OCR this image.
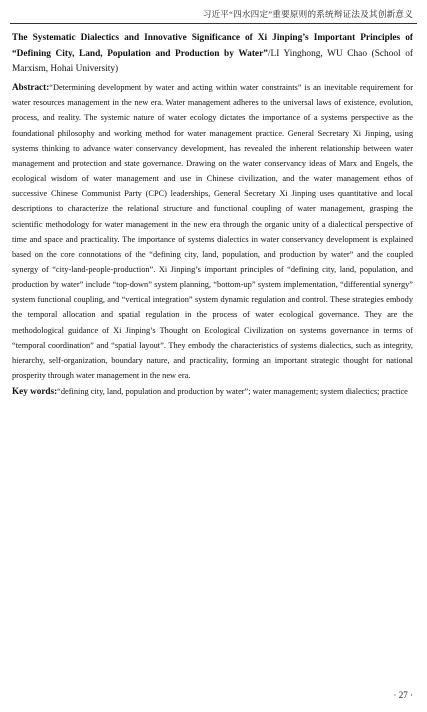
习近平“四水四定”重要原则的系统辩证法及其创新意义

The Systematic Dialectics and Innovative Significance of Xi Jinping’s Important Principles of “Defining City, Land, Population and Production by Water”/LI Yinghong, WU Chao (School of Marxism, Hohai University)

Abstract:“Determining development by water and acting within water constraints” is an inevitable requirement for water resources management in the new era. Water management adheres to the universal laws of existence, evolution, process, and reality. The systemic nature of water ecology dictates the importance of a systems perspective as the foundational philosophy and working method for water management practice. General Secretary Xi Jinping, using systems thinking to advance water conservancy development, has revealed the inherent relationship between water management and protection and state governance. Drawing on the water conservancy ideas of Marx and Engels, the ecological wisdom of water management and use in Chinese civilization, and the water management ethos of successive Chinese Communist Party (CPC) leaderships, General Secretary Xi Jinping uses quantitative and local descriptions to characterize the relational structure and functional coupling of water management, grasping the scientific methodology for water management in the new era through the organic unity of a dialectical perspective of time and space and practicality. The importance of systems dialectics in water conservancy development is explained based on the core connotations of the “defining city, land, population, and production by water” and the coupled synergy of “city-land-people-production”. Xi Jinping’s important principles of “defining city, land, population, and production by water” include “top-down” system planning, “bottom-up” system implementation, “differential synergy” system functional coupling, and “vertical integration” system dynamic regulation and control. These strategies embody the temporal allocation and spatial regulation in the process of water ecological governance. They are the methodological guidance of Xi Jinping’s Thought on Ecological Civilization on systems governance in terms of “temporal coordination” and “spatial layout”. They embody the characteristics of systems dialectics, such as integrity, hierarchy, self-organization, boundary nature, and practicality, forming an important strategic thought for national prosperity through water management in the new era.

Key words:“defining city, land, population and production by water”; water management; system dialectics; practice

· 27 ·
